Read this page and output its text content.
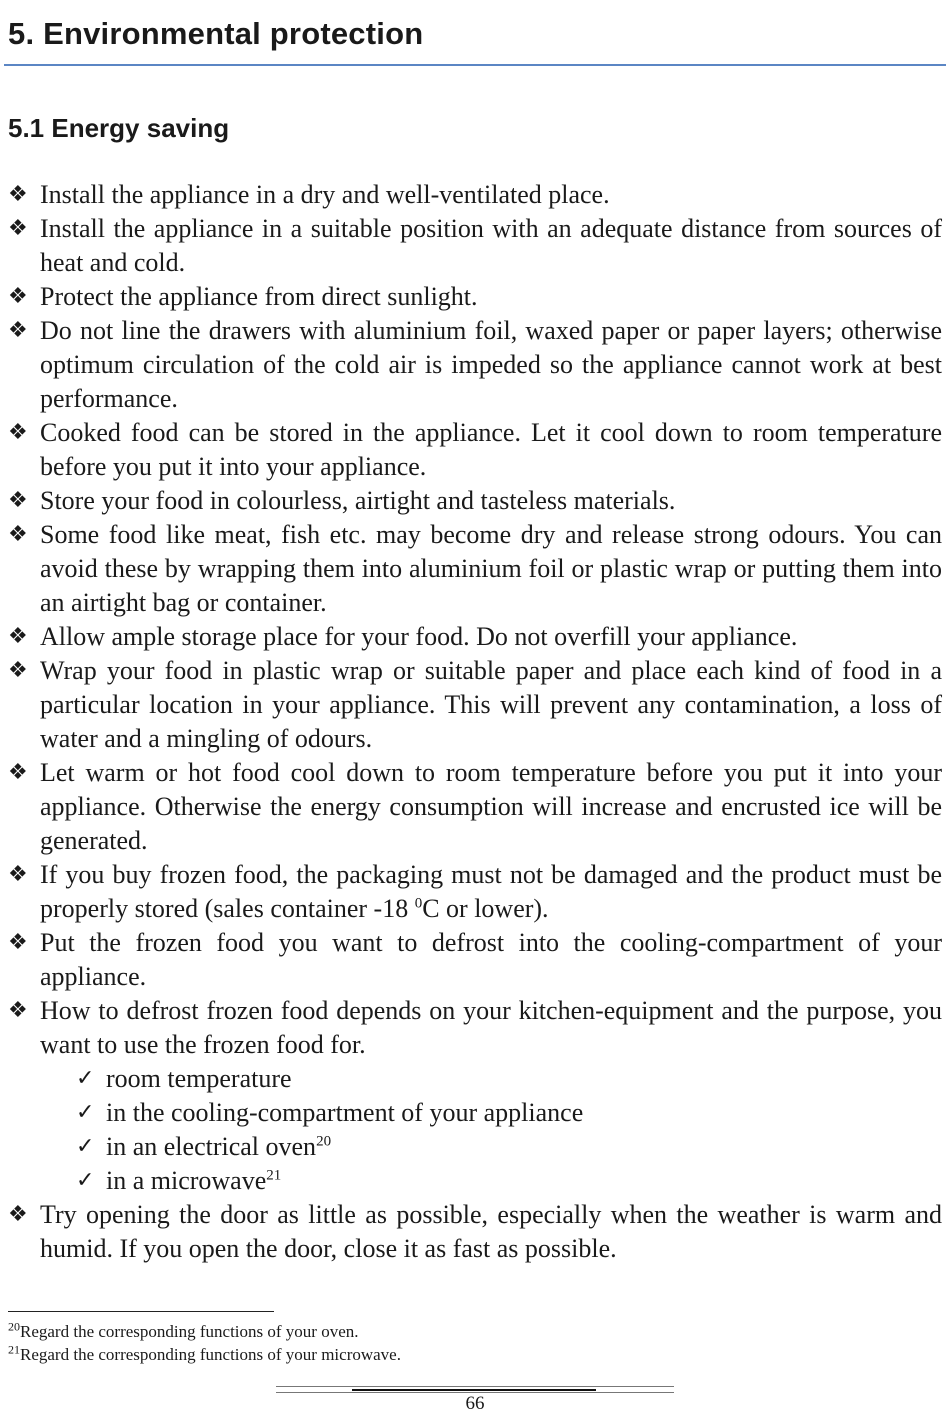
5. Environmental protection
5.1 Energy saving

❖ Install the appliance in a dry and well-ventilated place.

❖ Install the appliance in a suitable position with an adequate distance from sources of heat and cold.

❖ Protect the appliance from direct sunlight.

❖ Do not line the drawers with aluminium foil, waxed paper or paper layers; otherwise optimum circulation of the cold air is impeded so the appliance cannot work at best performance.

❖ Cooked food can be stored in the appliance. Let it cool down to room temperature before you put it into your appliance.

❖ Store your food in colourless, airtight and tasteless materials.

❖ Some food like meat, fish etc. may become dry and release strong odours. You can avoid these by wrapping them into aluminium foil or plastic wrap or putting them into an airtight bag or container.

❖ Allow ample storage place for your food. Do not overfill your appliance.

❖ Wrap your food in plastic wrap or suitable paper and place each kind of food in a particular location in your appliance. This will prevent any contamination, a loss of water and a mingling of odours.

❖ Let warm or hot food cool down to room temperature before you put it into your appliance. Otherwise the energy consumption will increase and encrusted ice will be generated.

❖ If you buy frozen food, the packaging must not be damaged and the product must be properly stored (sales container -18 $^0$C or lower).

❖ Put the frozen food you want to defrost into the cooling-compartment of your appliance.

❖ How to defrost frozen food depends on your kitchen-equipment and the purpose, you want to use the frozen food for.

✓ room temperature

✓ in the cooling-compartment of your appliance

✓ in an electrical oven$^{20}$

✓ in a microwave$^{21}$

❖ Try opening the door as little as possible, especially when the weather is warm and humid. If you open the door, close it as fast as possible.

$^{20}$Regard the corresponding functions of your oven.

$^{21}$Regard the corresponding functions of your microwave.

66
